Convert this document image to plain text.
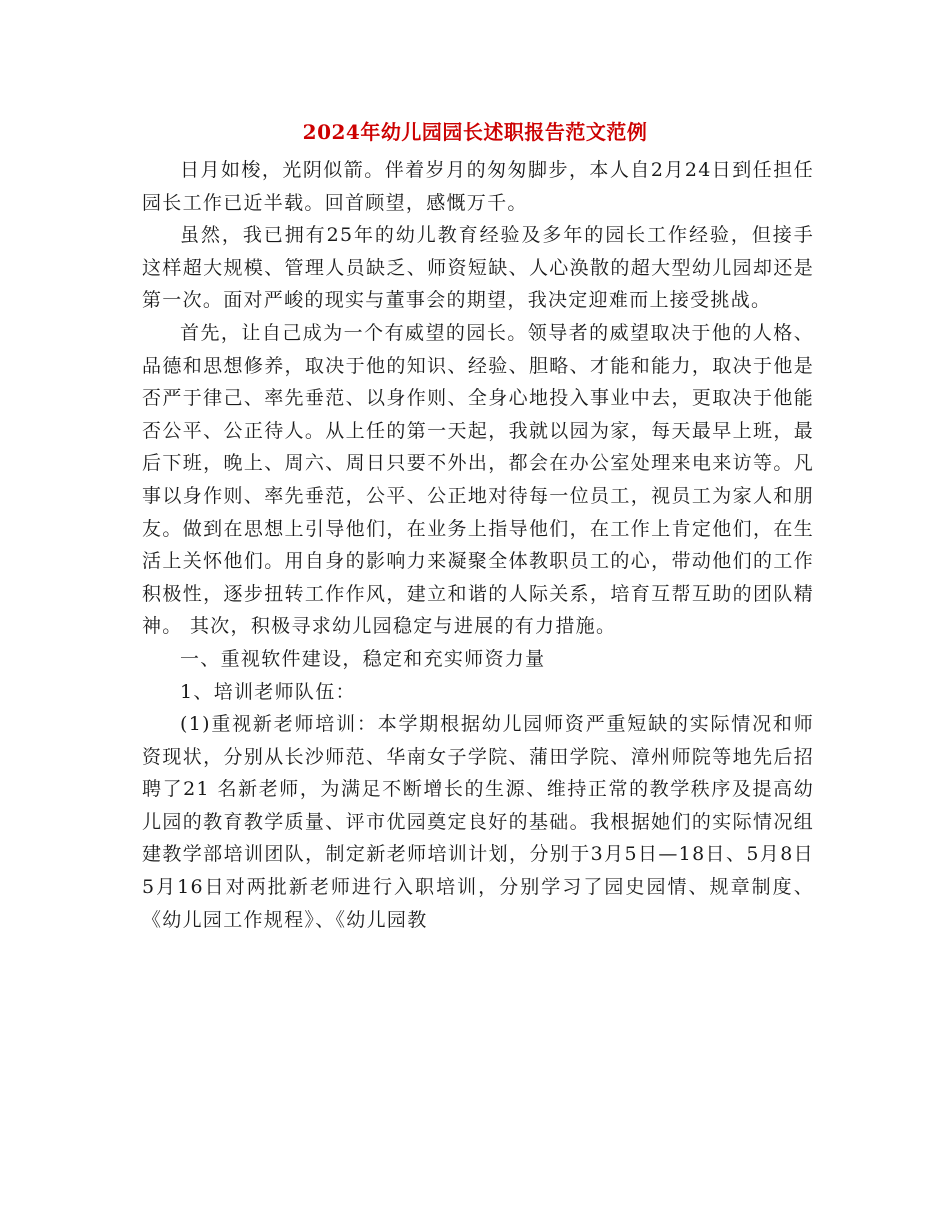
2024年幼儿园园长述职报告范文范例

日月如梭，光阴似箭。伴着岁月的匆匆脚步，本人自2月24日到任担任园长工作已近半载。回首顾望，感慨万千。

虽然，我已拥有25年的幼儿教育经验及多年的园长工作经验，但接手这样超大规模、管理人员缺乏、师资短缺、人心涣散的超大型幼儿园却还是第一次。面对严峻的现实与董事会的期望，我决定迎难而上接受挑战。

首先，让自己成为一个有威望的园长。领导者的威望取决于他的人格、品德和思想修养，取决于他的知识、经验、胆略、才能和能力，取决于他是否严于律己、率先垂范、以身作则、全身心地投入事业中去，更取决于他能否公平、公正待人。从上任的第一天起，我就以园为家，每天最早上班，最后下班，晚上、周六、周日只要不外出，都会在办公室处理来电来访等。凡事以身作则、率先垂范，公平、公正地对待每一位员工，视员工为家人和朋友。做到在思想上引导他们，在业务上指导他们，在工作上肯定他们，在生活上关怀他们。用自身的影响力来凝聚全体教职员工的心，带动他们的工作积极性，逐步扭转工作作风，建立和谐的人际关系，培育互帮互助的团队精神。 其次，积极寻求幼儿园稳定与进展的有力措施。

一、重视软件建设，稳定和充实师资力量

1、培训老师队伍：

(1)重视新老师培训：本学期根据幼儿园师资严重短缺的实际情况和师资现状，分别从长沙师范、华南女子学院、蒲田学院、漳州师院等地先后招聘了21 名新老师，为满足不断增长的生源、维持正常的教学秩序及提高幼儿园的教育教学质量、评市优园奠定良好的基础。我根据她们的实际情况组建教学部培训团队，制定新老师培训计划，分别于3月5日—18日、5月8日5月16日对两批新老师进行入职培训，分别学习了园史园情、规章制度、《幼儿园工作规程》、《幼儿园教
